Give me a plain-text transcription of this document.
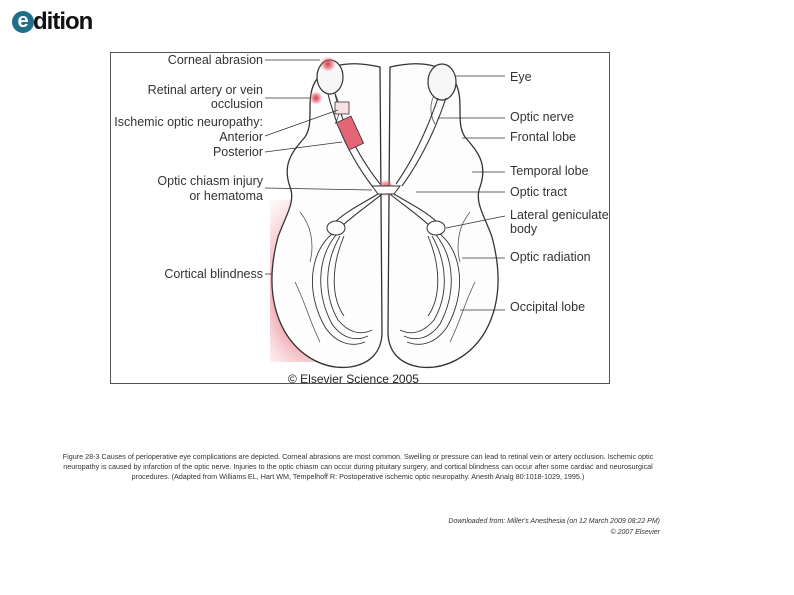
e dition
Corneal abrasion
Retinal artery or vein
occlusion
Ischemic optic neuropathy:
Anterior
Posterior
Optic chiasm injury
or hematoma
Cortical blindness
Eye
Optic nerve
Frontal lobe
Temporal lobe
Optic tract
Lateral geniculate
body
Optic radiation
Occipital lobe
© Elsevier Science 2005
Figure 28-3 Causes of perioperative eye complications are depicted. Corneal abrasions are most common. Swelling or pressure can lead to retinal vein or artery occlusion. Ischemic optic neuropathy is caused by infarction of the optic nerve. Injuries to the optic chiasm can occur during pituitary surgery, and cortical blindness can occur after some cardiac and neurosurgical procedures. (Adapted from Williams EL, Hart WM, Tempelhoff R: Postoperative ischemic optic neuropathy. Anesth Analg 80:1018-1029, 1995.)
Downloaded from: Miller's Anesthesia (on 12 March 2009 08:22 PM)
© 2007 Elsevier
